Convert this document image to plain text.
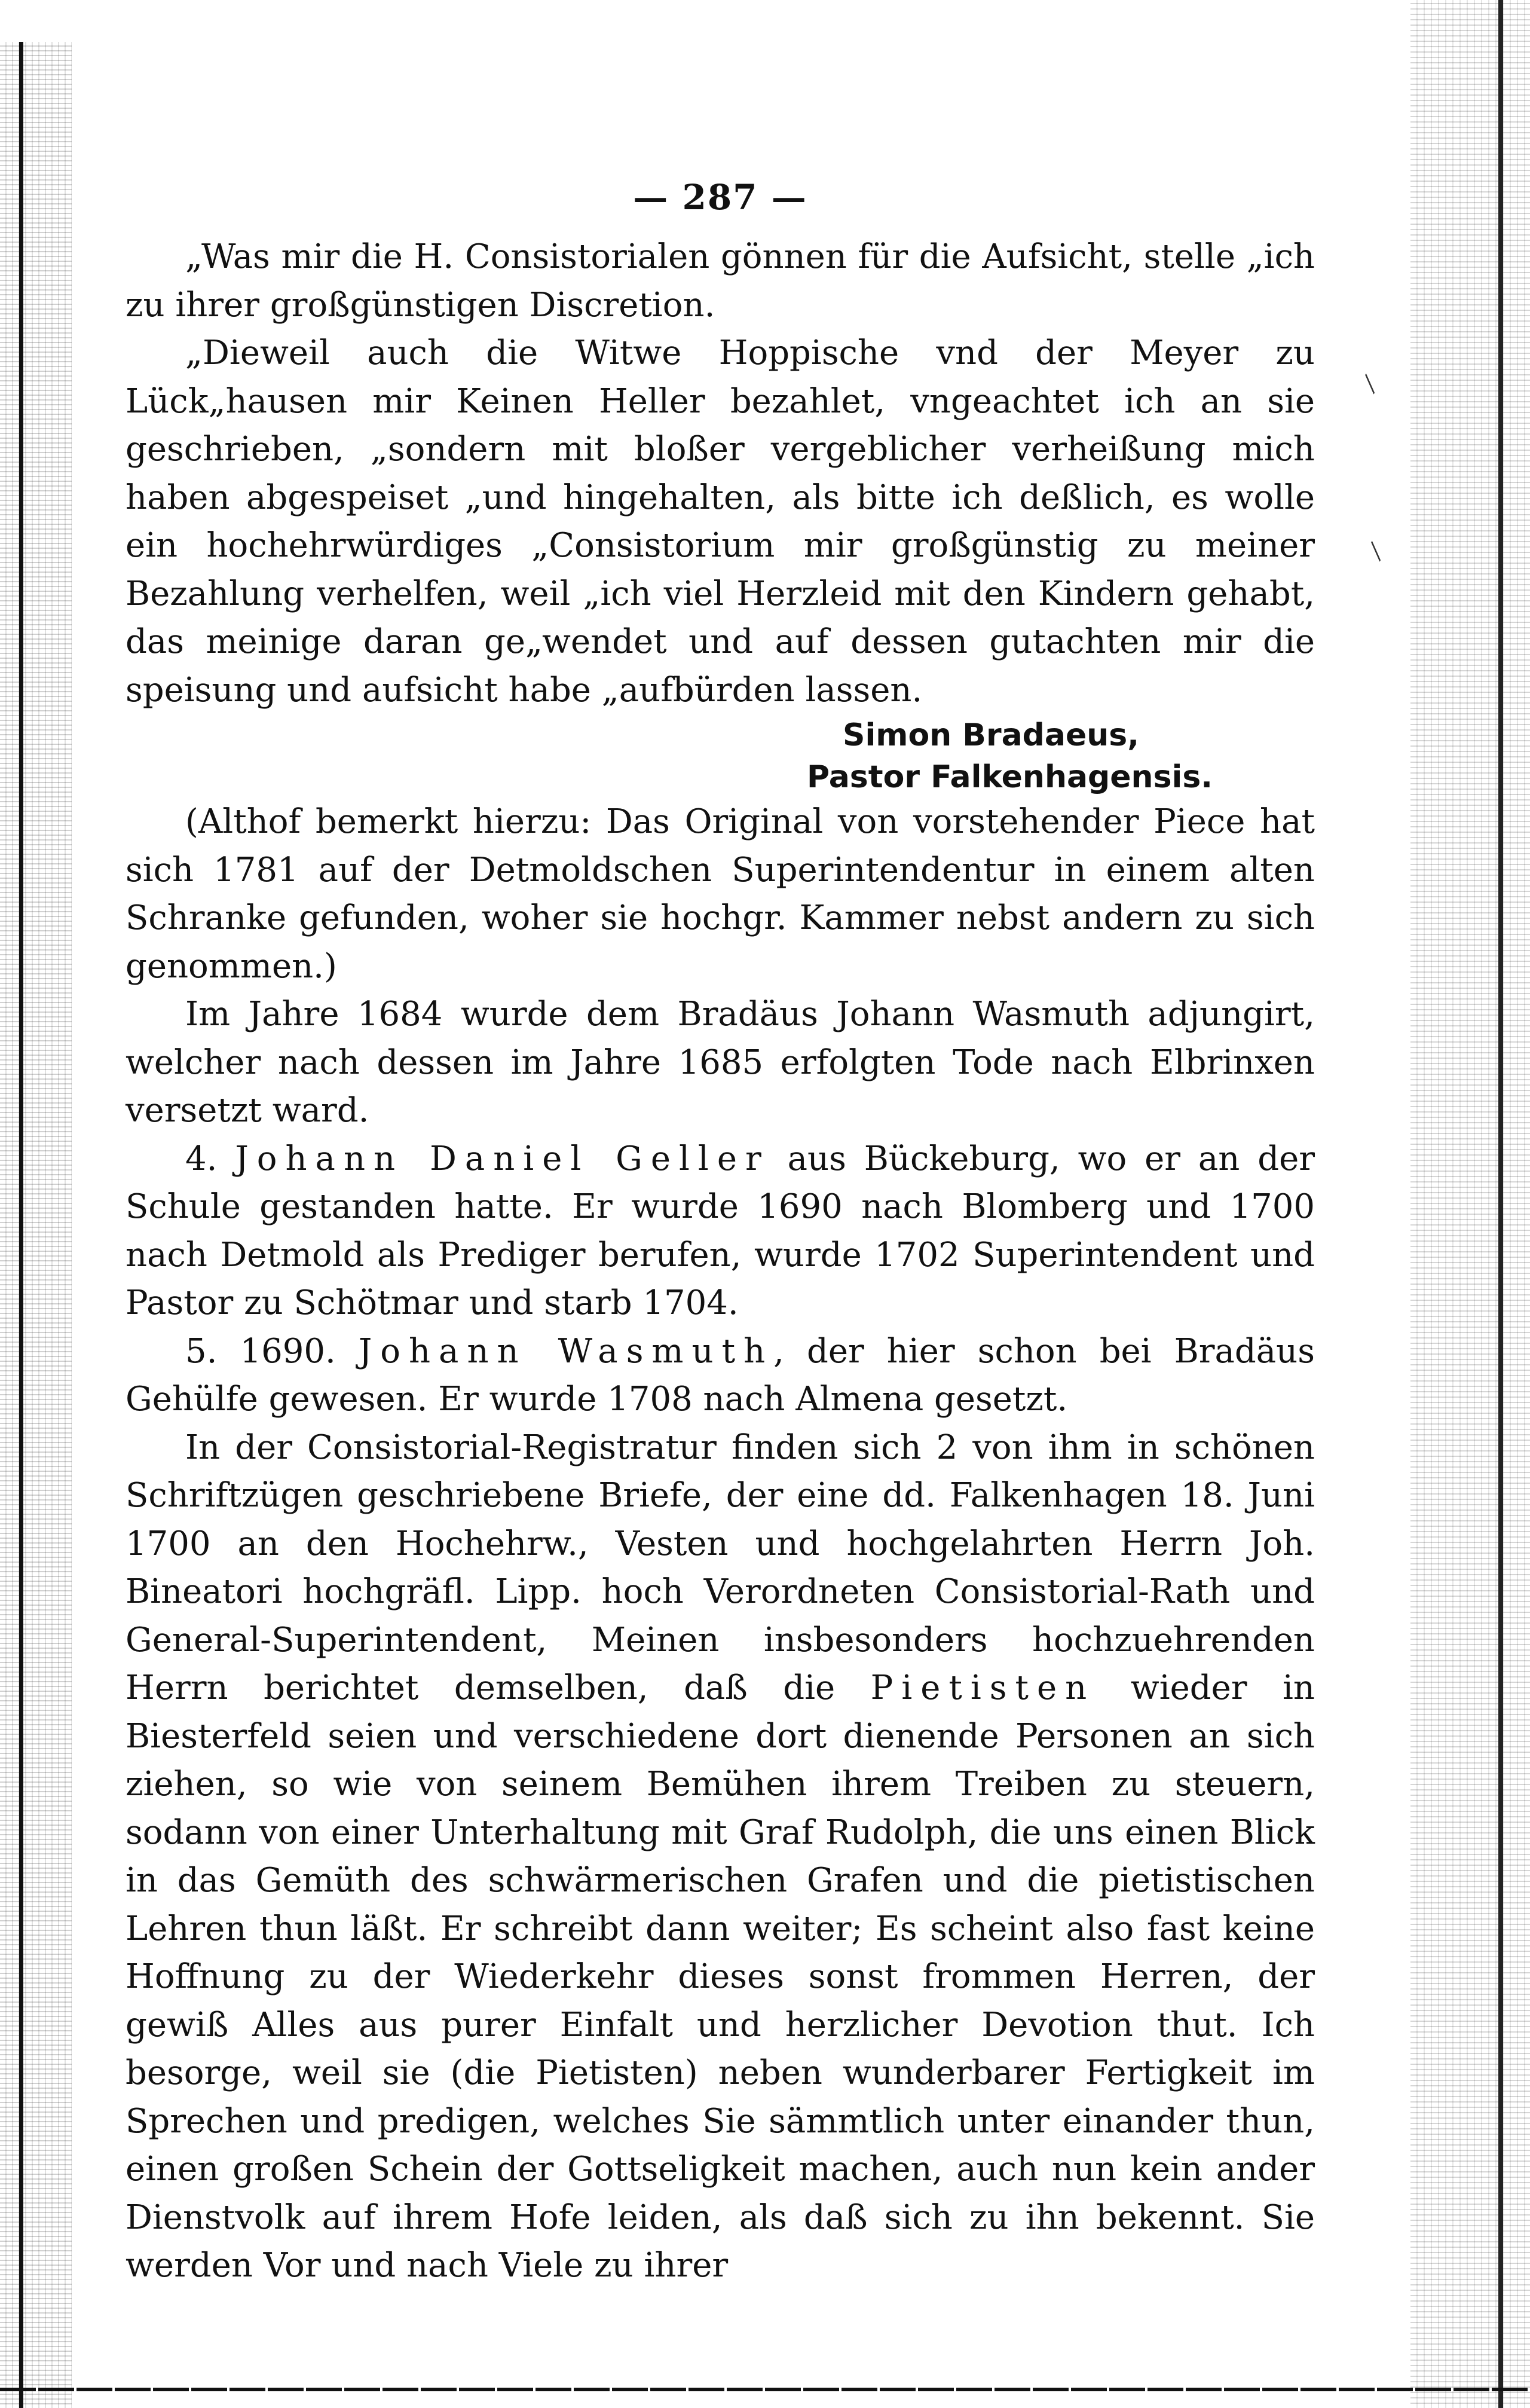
⁄
⁄
— 287 —

„Was mir die H. Consistorialen gönnen für die Aufsicht, stelle „ich zu ihrer großgünstigen Discretion.

„Dieweil auch die Witwe Hoppische vnd der Meyer zu Lück„hausen mir Keinen Heller bezahlet, vngeachtet ich an sie geschrieben, „sondern mit bloßer vergeblicher verheißung mich haben abgespeiset „und hingehalten, als bitte ich deßlich, es wolle ein hochehrwürdiges „Consistorium mir großgünstig zu meiner Bezahlung verhelfen, weil „ich viel Herzleid mit den Kindern gehabt, das meinige daran ge„wendet und auf dessen gutachten mir die speisung und aufsicht habe „aufbürden lassen.

Simon Bradaeus,
Pastor Falkenhagensis.

(Althof bemerkt hierzu: Das Original von vorstehender Piece hat sich 1781 auf der Detmoldschen Superintendentur in einem alten Schranke gefunden, woher sie hochgr. Kammer nebst andern zu sich genommen.)

Im Jahre 1684 wurde dem Bradäus Johann Wasmuth adjungirt, welcher nach dessen im Jahre 1685 erfolgten Tode nach Elbrinxen versetzt ward.

4. Johann Daniel Geller aus Bückeburg, wo er an der Schule gestanden hatte. Er wurde 1690 nach Blomberg und 1700 nach Detmold als Prediger berufen, wurde 1702 Superintendent und Pastor zu Schötmar und starb 1704.

5. 1690. Johann Wasmuth, der hier schon bei Bradäus Gehülfe gewesen. Er wurde 1708 nach Almena gesetzt.

In der Consistorial-Registratur finden sich 2 von ihm in schönen Schriftzügen geschriebene Briefe, der eine dd. Falkenhagen 18. Juni 1700 an den Hochehrw., Vesten und hochgelahrten Herrn Joh. Bineatori hochgräfl. Lipp. hoch Verordneten Consistorial-Rath und General-Superintendent, Meinen insbesonders hochzuehrenden Herrn berichtet demselben, daß die Pietisten wieder in Biesterfeld seien und verschiedene dort dienende Personen an sich ziehen, so wie von seinem Bemühen ihrem Treiben zu steuern, sodann von einer Unterhaltung mit Graf Rudolph, die uns einen Blick in das Gemüth des schwärmerischen Grafen und die pietistischen Lehren thun läßt. Er schreibt dann weiter; Es scheint also fast keine Hoffnung zu der Wiederkehr dieses sonst frommen Herren, der gewiß Alles aus purer Einfalt und herzlicher Devotion thut. Ich besorge, weil sie (die Pietisten) neben wunderbarer Fertigkeit im Sprechen und predigen, welches Sie sämmtlich unter einander thun, einen großen Schein der Gottseligkeit machen, auch nun kein ander Dienstvolk auf ihrem Hofe leiden, als daß sich zu ihn bekennt. Sie werden Vor und nach Viele zu ihrer
